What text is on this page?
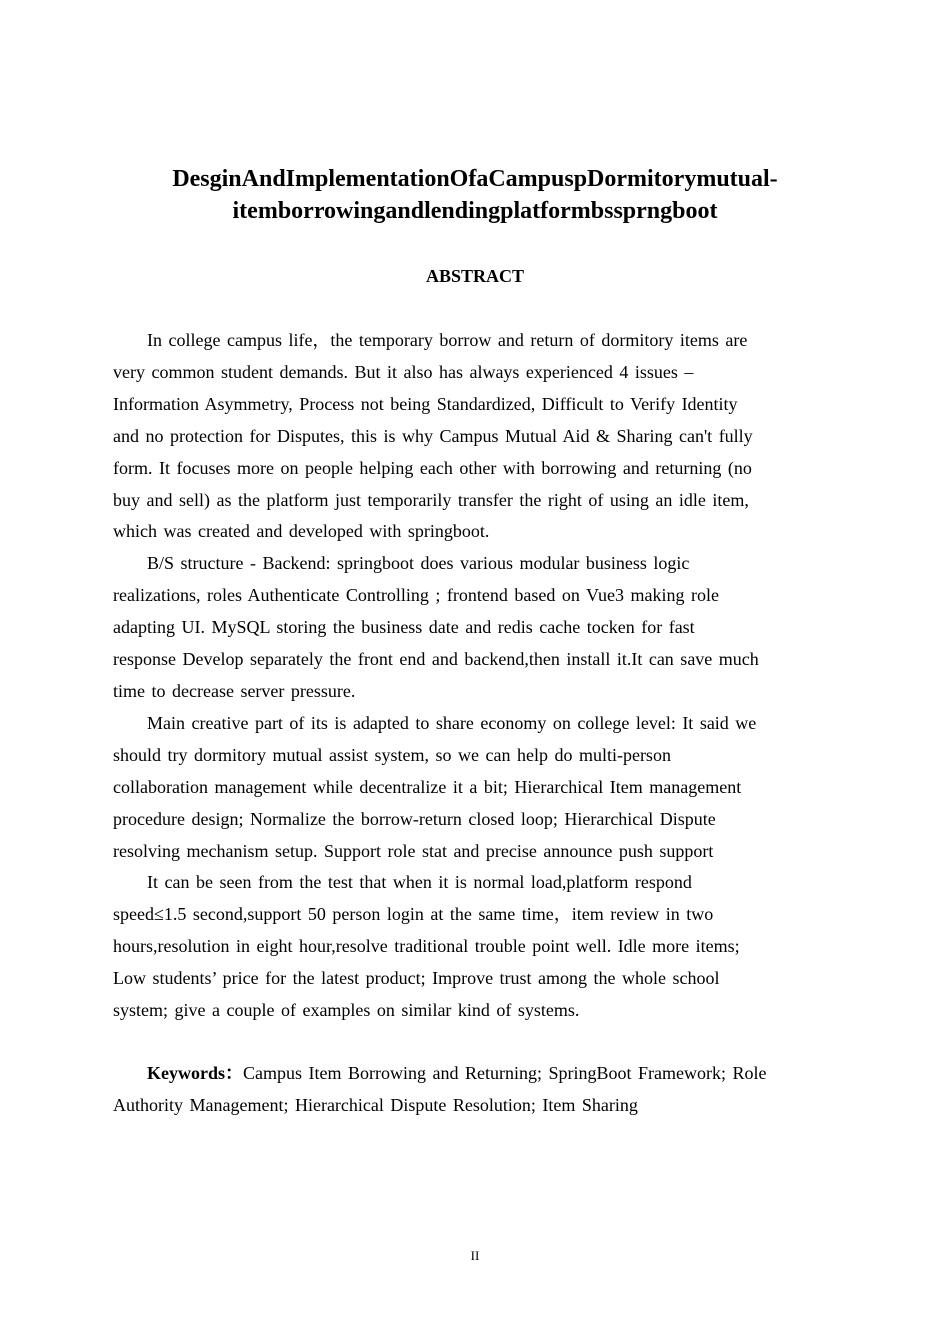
DesginAndImplementationOfaCampuspDormitorymutual-
itemborrowingandlendingplatformbssprngboot
ABSTRACT

In college campus life，the temporary borrow and return of dormitory items are
very common student demands. But it also has always experienced 4 issues –
Information Asymmetry, Process not being Standardized, Difficult to Verify Identity
and no protection for Disputes, this is why Campus Mutual Aid & Sharing can't fully
form. It focuses more on people helping each other with borrowing and returning (no
buy and sell) as the platform just temporarily transfer the right of using an idle item,
which was created and developed with springboot.

B/S structure - Backend: springboot does various modular business logic
realizations, roles Authenticate Controlling ; frontend based on Vue3 making role
adapting UI. MySQL storing the business date and redis cache tocken for fast
response Develop separately the front end and backend,then install it.It can save much
time to decrease server pressure.

Main creative part of its is adapted to share economy on college level: It said we
should try dormitory mutual assist system, so we can help do multi-person
collaboration management while decentralize it a bit; Hierarchical Item management
procedure design; Normalize the borrow-return closed loop; Hierarchical Dispute
resolving mechanism setup. Support role stat and precise announce push support

It can be seen from the test that when it is normal load,platform respond
speed≤1.5 second,support 50 person login at the same time，item review in two
hours,resolution in eight hour,resolve traditional trouble point well. Idle more items;
Low students’ price for the latest product; Improve trust among the whole school
system; give a couple of examples on similar kind of systems.

Keywords：Campus Item Borrowing and Returning; SpringBoot Framework; Role
Authority Management; Hierarchical Dispute Resolution; Item Sharing

II
